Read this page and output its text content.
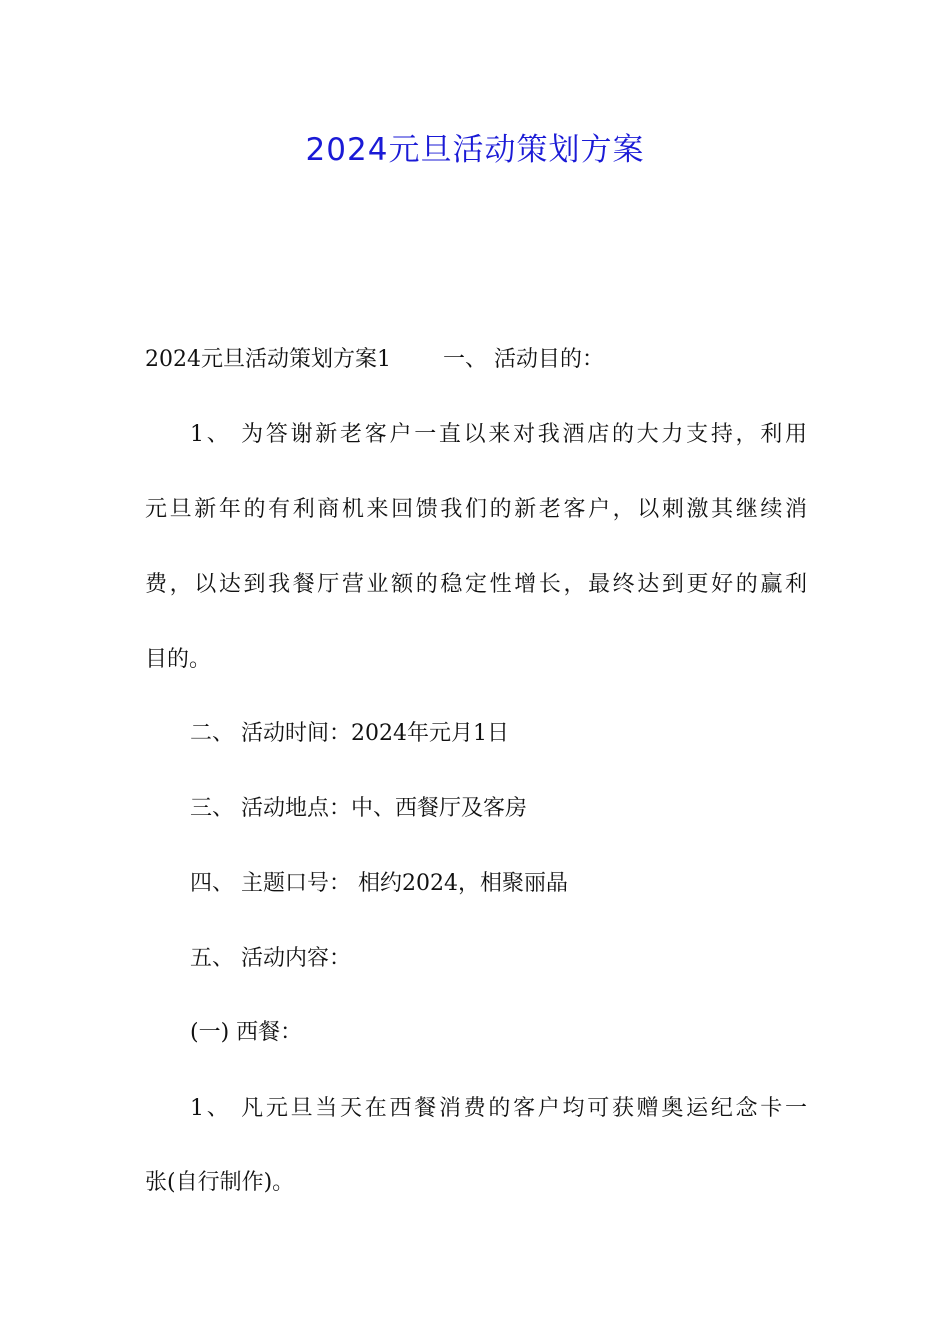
2024元旦活动策划方案
2024元旦活动策划方案1 一、 活动目的：
1、 为答谢新老客户一直以来对我酒店的大力支持，利用
元旦新年的有利商机来回馈我们的新老客户，以刺激其继续消
费，以达到我餐厅营业额的稳定性增长，最终达到更好的赢利
目的。
二、 活动时间：2024年元月1日
三、 活动地点：中、西餐厅及客房
四、 主题口号： 相约2024，相聚丽晶
五、 活动内容：
(一) 西餐：
1、 凡元旦当天在西餐消费的客户均可获赠奥运纪念卡一
张(自行制作)。
